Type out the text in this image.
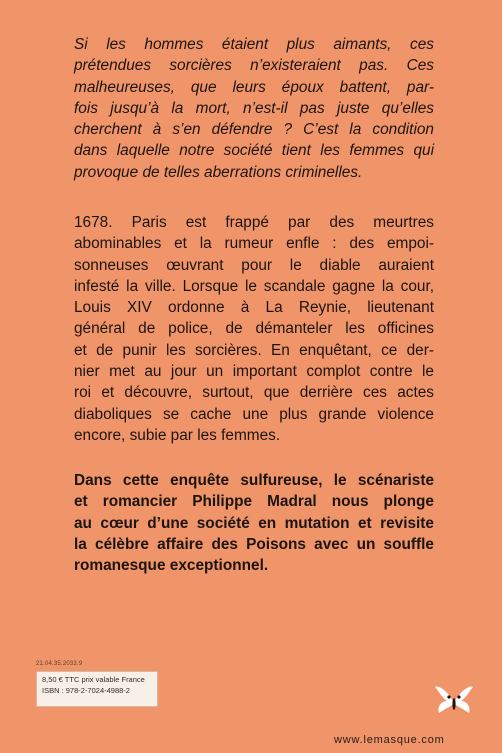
Si les hommes étaient plus aimants, ces
prétendues sorcières n’existeraient pas. Ces
malheureuses, que leurs époux battent, par-
fois jusqu’à la mort, n’est-il pas juste qu’elles
cherchent à s’en défendre ? C’est la condition
dans laquelle notre société tient les femmes qui
provoque de telles aberrations criminelles.
1678. Paris est frappé par des meurtres
abominables et la rumeur enfle : des empoi-
sonneuses œuvrant pour le diable auraient
infesté la ville. Lorsque le scandale gagne la cour,
Louis XIV ordonne à La Reynie, lieutenant
général de police, de démanteler les officines
et de punir les sorcières. En enquêtant, ce der-
nier met au jour un important complot contre le
roi et découvre, surtout, que derrière ces actes
diaboliques se cache une plus grande violence
encore, subie par les femmes.
Dans cette enquête sulfureuse, le scénariste
et romancier Philippe Madral nous plonge
au cœur d’une société en mutation et revisite
la célèbre affaire des Poisons avec un souffle
romanesque exceptionnel.
21.04.35.2033.9
8,50 € TTC prix valable France
ISBN : 978-2-7024-4988-2
www.lemasque.com
